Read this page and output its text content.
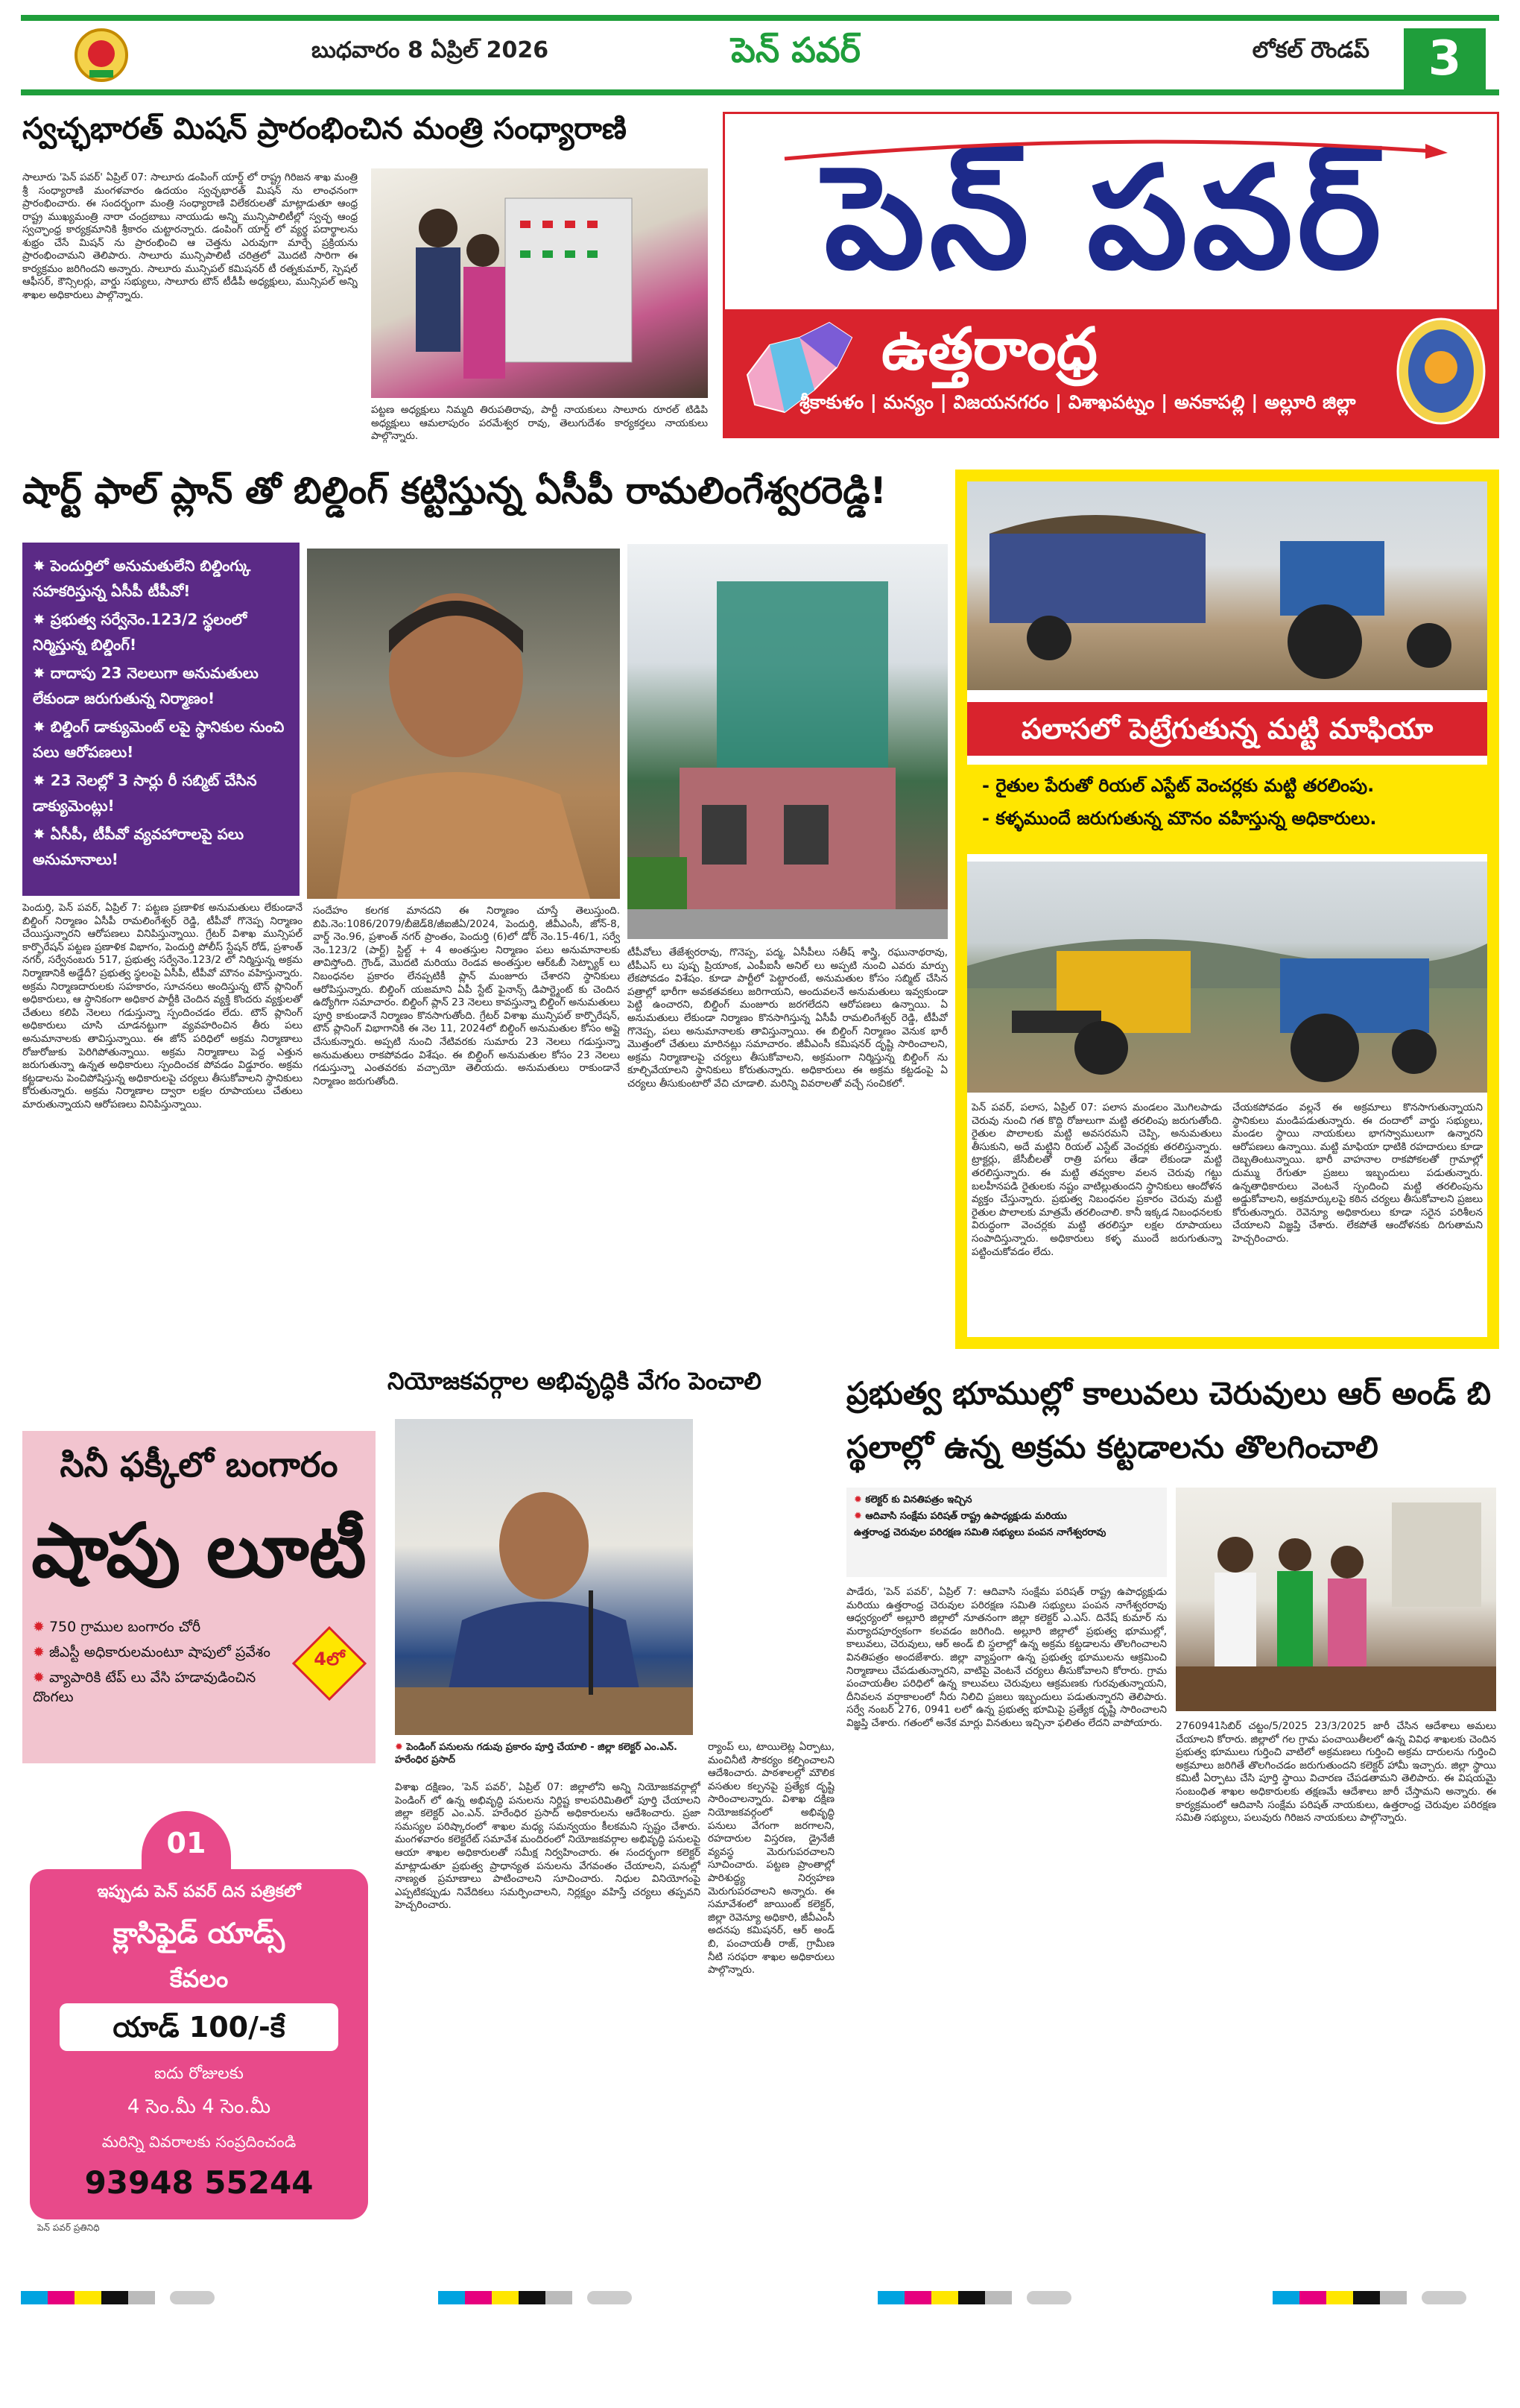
బుధవారం 8 ఏప్రిల్ 2026	పెన్ పవర్	లోకల్ రౌండప్	3
స్వచ్ఛభారత్ మిషన్ ప్రారంభించిన మంత్రి సంధ్యారాణి
సాలూరు 'పెన్ పవర్' ఏప్రిల్ 07: సాలూరు డంపింగ్ యార్డ్ లో రాష్ట్ర గిరిజన శాఖ మంత్రి శ్రీ సంధ్యారాణి మంగళవారం ఉదయం స్వచ్ఛభారత్ మిషన్ ను లాంఛనంగా ప్రారంభించారు. ఈ సందర్భంగా మంత్రి సంధ్యారాణి విలేకరులతో మాట్లాడుతూ ఆంధ్ర రాష్ట్ర ముఖ్యమంత్రి నారా చంద్రబాబు నాయుడు అన్ని మున్సిపాలిటీల్లో స్వచ్ఛ ఆంధ్ర స్వచ్ఛాంధ్ర కార్యక్రమానికి శ్రీకారం చుట్టారన్నారు. డంపింగ్ యార్డ్ లో వ్యర్థ పదార్థాలను శుభ్రం చేసే మిషన్ ను ప్రారంభించి ఆ చెత్తను ఎరువుగా మార్చే ప్రక్రియను ప్రారంభించామని తెలిపారు. సాలూరు మున్సిపాలిటీ చరిత్రలో మొదటి సారిగా ఈ కార్యక్రమం జరిగిందని అన్నారు. సాలూరు మున్సిపల్ కమిషనర్ టీ రత్నకుమార్, స్పెషల్ ఆఫీసర్, కౌన్సిలర్లు, వార్డు సభ్యులు, సాలూరు టౌన్ టీడీపీ అధ్యక్షులు, మున్సిపల్ అన్ని శాఖల అధికారులు పాల్గొన్నారు.
పట్టణ అధ్యక్షులు నిమ్మది తిరుపతిరావు, పార్టీ నాయకులు సాలూరు రూరల్ టిడిపి అధ్యక్షులు ఆమలాపురం పరమేశ్వర రావు, తెలుగుదేశం కార్యకర్తలు నాయకులు పాల్గొన్నారు.
పెన్ పవర్
ఉత్తరాంధ్ర
శ్రీకాకుళం | మన్యం | విజయనగరం | విశాఖపట్నం | అనకాపల్లి | అల్లూరి జిల్లా
షార్ట్ ఫాల్ ప్లాన్ తో బిల్డింగ్ కట్టిస్తున్న ఏసీపీ రామలింగేశ్వరరెడ్డి!
✸ పెందుర్తిలో అనుమతులేని బిల్డింగ్కు సహకరిస్తున్న ఏసీపీ టీపీవో!
✸ ప్రభుత్వ సర్వేనెం.123/2 స్థలంలో నిర్మిస్తున్న బిల్డింగ్!
✸ దాదాపు 23 నెలలుగా అనుమతులు లేకుండా జరుగుతున్న నిర్మాణం!
✸ బిల్డింగ్ డాక్యుమెంట్ లపై స్థానికుల నుంచి పలు ఆరోపణలు!
✸ 23 నెలల్లో 3 సార్లు రీ సబ్మిట్ చేసిన డాక్యుమెంట్లు!
✸ ఏసీపీ, టీపీవో వ్యవహారాలపై పలు అనుమానాలు!
పెందుర్తి, పెన్ పవర్, ఏప్రిల్ 7: పట్టణ ప్రణాళిక అనుమతులు లేకుండానే బిల్డింగ్ నిర్మాణం ఏసీపీ రామలింగేశ్వర్ రెడ్డి, టీపీవో గొనెప్ప నిర్మాణం చేయిస్తున్నారని ఆరోపణలు వినిపిస్తున్నాయి. గ్రేటర్ విశాఖ మున్సిపల్ కార్పొరేషన్ పట్టణ ప్రణాళిక విభాగం, పెందుర్తి పోలీస్ స్టేషన్ రోడ్, ప్రశాంత్ నగర్, సర్వేనంబరు 517, ప్రభుత్వ సర్వేనెం.123/2 లో నిర్మిస్తున్న అక్రమ నిర్మాణానికి అడ్డేదీ? ప్రభుత్వ స్థలంపై ఏసీపీ, టీపీవో మౌనం వహిస్తున్నారు. అక్రమ నిర్మాణదారులకు సహకారం, సూచనలు అందిస్తున్న టౌన్ ప్లానింగ్ అధికారులు, ఆ స్థానికంగా అధికార పార్టీకి చెందిన వ్యక్తి కొందరు వ్యక్తులతో చేతులు కలిపి నెలలు గడుస్తున్నా స్పందించడం లేదు. టౌన్ ప్లానింగ్ అధికారులు చూసి చూడనట్టుగా వ్యవహరించిన తీరు పలు అనుమానాలకు తావిస్తున్నాయి. ఈ జోన్ పరిధిలో అక్రమ నిర్మాణాలు రోజురోజుకు పెరిగిపోతున్నాయి. అక్రమ నిర్మాణాలు పెద్ద ఎత్తున జరుగుతున్నా ఉన్నత అధికారులు స్పందించక పోవడం విడ్డూరం. అక్రమ కట్టడాలను పెంచిపోషిస్తున్న అధికారులపై చర్యలు తీసుకోవాలని స్థానికులు కోరుతున్నారు. అక్రమ నిర్మాణాల ద్వారా లక్షల రూపాయలు చేతులు మారుతున్నాయని ఆరోపణలు వినిపిస్తున్నాయి.
సందేహం కలగక మానదని ఈ నిర్మాణం చూస్తే తెలుస్తుంది. బిపి.నెం:1086/2079/బీజెడ్8/జీఐజీఏ/2024, పెందుర్తి, జీవీఎంసీ, జోన్-8, వార్డ్ నెం.96, ప్రశాంత్ నగర్ ప్రాంతం, పెందుర్తి (6)లో డోర్ నెం.15-46/1, సర్వే నెం.123/2 (పార్ట్) స్టిల్ట్ + 4 అంతస్తుల నిర్మాణం పలు అనుమానాలకు తావిస్తోంది. గ్రౌండ్, మొదటి మరియు రెండవ అంతస్తుల ఆర్ఓబీ సెట్బ్యాక్ లు నిబంధనల ప్రకారం లేనప్పటికీ ప్లాన్ మంజూరు చేశారని స్థానికులు ఆరోపిస్తున్నారు. బిల్డింగ్ యజమాని ఏపీ స్టేట్ ఫైనాన్స్ డిపార్ట్మెంట్ కు చెందిన ఉద్యోగిగా సమాచారం. బిల్డింగ్ ప్లాన్ 23 నెలలు కావస్తున్నా బిల్డింగ్ అనుమతులు పూర్తి కాకుండానే నిర్మాణం కొనసాగుతోంది. గ్రేటర్ విశాఖ మున్సిపల్ కార్పొరేషన్, టౌన్ ప్లానింగ్ విభాగానికి ఈ నెల 11, 2024లో బిల్డింగ్ అనుమతుల కోసం అప్లై చేసుకున్నారు. అప్పటి నుంచి నేటివరకు సుమారు 23 నెలలు గడుస్తున్నా అనుమతులు రాకపోవడం విశేషం. ఈ బిల్డింగ్ అనుమతుల కోసం 23 నెలలు గడుస్తున్నా ఎంతవరకు వచ్చాయో తెలియదు. అనుమతులు రాకుండానే నిర్మాణం జరుగుతోంది.
టీపీవోలు తేజేశ్వరరావు, గొనెప్ప, పద్మ, ఏసీపీలు సతీష్ శాస్త్రి, రఘునాథరావు, టీపీఎస్ లు పుష్ప ప్రియాంక, ఎంపీఐసీ అనిల్ లు అప్పటి నుంచి ఎవరు మార్పు లేకపోవడం విశేషం. కూడా పార్టీలో పెట్టారంటే, అనుమతుల కోసం సబ్మిట్ చేసిన పత్రాల్లో భారీగా అవకతవకలు జరిగాయని, అందువలనే అనుమతులు ఇవ్వకుండా పెట్టి ఉంచారని, బిల్డింగ్ మంజూరు జరగలేదని ఆరోపణలు ఉన్నాయి. ఏ అనుమతులు లేకుండా నిర్మాణం కొనసాగిస్తున్న ఏసీపీ రామలింగేశ్వర్ రెడ్డి, టీపీవో గొనెప్ప, పలు అనుమానాలకు తావిస్తున్నాయి. ఈ బిల్డింగ్ నిర్మాణం వెనుక భారీ మొత్తంలో చేతులు మారినట్లు సమాచారం. జీవీఎంసీ కమిషనర్ దృష్టి సారించాలని, అక్రమ నిర్మాణాలపై చర్యలు తీసుకోవాలని, అక్రమంగా నిర్మిస్తున్న బిల్డింగ్ ను కూల్చివేయాలని స్థానికులు కోరుతున్నారు. అధికారులు ఈ అక్రమ కట్టడంపై ఏ చర్యలు తీసుకుంటారో వేచి చూడాలి. మరిన్ని వివరాలతో వచ్చే సంచికలో.
పలాసలో పెట్రేగుతున్న మట్టి మాఫియా
- రైతుల పేరుతో రియల్ ఎస్టేట్ వెంచర్లకు మట్టి తరలింపు.
- కళ్ళముందే జరుగుతున్న మౌనం వహిస్తున్న అధికారులు.
పెన్ పవర్, పలాస, ఏప్రిల్ 07: పలాస మండలం మొగిలపాడు చెరువు నుంచి గత కొద్ది రోజులుగా మట్టి తరలింపు జరుగుతోంది. రైతుల పొలాలకు మట్టి అవసరమని చెప్పి, అనుమతులు తీసుకుని, అదే మట్టిని రియల్ ఎస్టేట్ వెంచర్లకు తరలిస్తున్నారు. ట్రాక్టర్లు, జేసీబీలతో రాత్రి పగలు తేడా లేకుండా మట్టి తరలిస్తున్నారు. ఈ మట్టి తవ్వకాల వలన చెరువు గట్టు బలహీనపడి రైతులకు నష్టం వాటిల్లుతుందని స్థానికులు ఆందోళన వ్యక్తం చేస్తున్నారు. ప్రభుత్వ నిబంధనల ప్రకారం చెరువు మట్టి రైతుల పొలాలకు మాత్రమే తరలించాలి. కానీ ఇక్కడ నిబంధనలకు విరుద్ధంగా వెంచర్లకు మట్టి తరలిస్తూ లక్షల రూపాయలు సంపాదిస్తున్నారు. అధికారులు కళ్ళ ముందే జరుగుతున్నా పట్టించుకోవడం లేదు.
చేయకపోవడం వల్లనే ఈ అక్రమాలు కొనసాగుతున్నాయని స్థానికులు మండిపడుతున్నారు. ఈ దందాలో వార్డు సభ్యులు, మండల స్థాయి నాయకులు భాగస్వాములుగా ఉన్నారని ఆరోపణలు ఉన్నాయి. మట్టి మాఫియా ధాటికి రహదారులు కూడా దెబ్బతింటున్నాయి. భారీ వాహనాల రాకపోకలతో గ్రామాల్లో దుమ్ము రేగుతూ ప్రజలు ఇబ్బందులు పడుతున్నారు. ఉన్నతాధికారులు వెంటనే స్పందించి మట్టి తరలింపును అడ్డుకోవాలని, అక్రమార్కులపై కఠిన చర్యలు తీసుకోవాలని ప్రజలు కోరుతున్నారు. రెవెన్యూ అధికారులు కూడా సరైన పరిశీలన చేయాలని విజ్ఞప్తి చేశారు. లేకపోతే ఆందోళనకు దిగుతామని హెచ్చరించారు.
సినీ ఫక్కీలో బంగారం
షాపు లూటీ
✹ 750 గ్రాముల బంగారం చోరీ
✹ జీఎస్టీ అధికారులమంటూ షాపులో ప్రవేశం
✹ వ్యాపారికి టేప్ లు వేసి హడావుడించిన దొంగలు
4లో
01
ఇప్పుడు పెన్ పవర్ దిన పత్రికలో
క్లాసిఫైడ్ యాడ్స్
కేవలం
యాడ్ 100/-కే
ఐదు రోజులకు
4 సెం.మీ 4 సెం.మీ
మరిన్ని వివరాలకు సంప్రదించండి
93948 55244
పెన్ పవర్ ప్రతినిధి
నియోజకవర్గాల అభివృద్ధికి వేగం పెంచాలి
✹ పెండింగ్ పనులను గడువు ప్రకారం పూర్తి చేయాలి - జిల్లా కలెక్టర్ ఎం.ఎన్. హరేంధిర ప్రసాద్
విశాఖ దక్షిణం, 'పెన్ పవర్', ఏప్రిల్ 07: జిల్లాలోని అన్ని నియోజకవర్గాల్లో పెండింగ్ లో ఉన్న అభివృద్ధి పనులను నిర్దిష్ట కాలపరిమితిలో పూర్తి చేయాలని జిల్లా కలెక్టర్ ఎం.ఎన్. హరేంధిర ప్రసాద్ అధికారులను ఆదేశించారు. ప్రజా సమస్యల పరిష్కారంలో శాఖల మధ్య సమన్వయం కీలకమని స్పష్టం చేశారు. మంగళవారం కలెక్టరేట్ సమావేశ మందిరంలో నియోజకవర్గాల అభివృద్ధి పనులపై ఆయా శాఖల అధికారులతో సమీక్ష నిర్వహించారు. ఈ సందర్భంగా కలెక్టర్ మాట్లాడుతూ ప్రభుత్వ ప్రాధాన్యత పనులను వేగవంతం చేయాలని, పనుల్లో నాణ్యత ప్రమాణాలు పాటించాలని సూచించారు. నిధుల వినియోగంపై ఎప్పటికప్పుడు నివేదికలు సమర్పించాలని, నిర్లక్ష్యం వహిస్తే చర్యలు తప్పవని హెచ్చరించారు.
ర్యాంప్ లు, టాయిలెట్ల ఏర్పాటు, మంచినీటి సౌకర్యం కల్పించాలని ఆదేశించారు. పాఠశాలల్లో మౌలిక వసతుల కల్పనపై ప్రత్యేక దృష్టి సారించాలన్నారు. విశాఖ దక్షిణ నియోజకవర్గంలో అభివృద్ధి పనులు వేగంగా జరగాలని, రహదారుల విస్తరణ, డ్రైనేజీ వ్యవస్థ మెరుగుపరచాలని సూచించారు. పట్టణ ప్రాంతాల్లో పారిశుద్ధ్య నిర్వహణ మెరుగుపరచాలని అన్నారు. ఈ సమావేశంలో జాయింట్ కలెక్టర్, జిల్లా రెవెన్యూ అధికారి, జీవీఎంసీ అదనపు కమిషనర్, ఆర్ అండ్ బి, పంచాయతీ రాజ్, గ్రామీణ నీటి సరఫరా శాఖల అధికారులు పాల్గొన్నారు.
ప్రభుత్వ భూముల్లో కాలువలు చెరువులు ఆర్ అండ్ బి స్థలాల్లో ఉన్న అక్రమ కట్టడాలను తొలగించాలి
✹ కలెక్టర్ కు వినతిపత్రం ఇచ్చిన
✹ ఆదివాసి సంక్షేమ పరిషత్ రాష్ట్ర ఉపాధ్యక్షుడు మరియు
ఉత్తరాంధ్ర చెరువుల పరిరక్షణ సమితి సభ్యులు పంపన నాగేశ్వరరావు
పాడేరు, 'పెన్ పవర్', ఏప్రిల్ 7: ఆదివాసి సంక్షేమ పరిషత్ రాష్ట్ర ఉపాధ్యక్షుడు మరియు ఉత్తరాంధ్ర చెరువుల పరిరక్షణ సమితి సభ్యులు పంపన నాగేశ్వరరావు ఆధ్వర్యంలో అల్లూరి జిల్లాలో నూతనంగా జిల్లా కలెక్టర్ ఎ.ఎస్. దినేష్ కుమార్ ను మర్యాదపూర్వకంగా కలవడం జరిగింది. అల్లూరి జిల్లాలో ప్రభుత్వ భూముల్లో, కాలువలు, చెరువులు, ఆర్ అండ్ బి స్థలాల్లో ఉన్న అక్రమ కట్టడాలను తొలగించాలని వినతిపత్రం అందజేశారు. జిల్లా వ్యాప్తంగా ఉన్న ప్రభుత్వ భూములను ఆక్రమించి నిర్మాణాలు చేపడుతున్నారని, వాటిపై వెంటనే చర్యలు తీసుకోవాలని కోరారు. గ్రామ పంచాయతీల పరిధిలో ఉన్న కాలువలు చెరువులు ఆక్రమణకు గురవుతున్నాయని, దీనివలన వర్షాకాలంలో నీరు నిలిచి ప్రజలు ఇబ్బందులు పడుతున్నారని తెలిపారు. సర్వే నంబర్ 276, 0941 లలో ఉన్న ప్రభుత్వ భూమిపై ప్రత్యేక దృష్టి సారించాలని విజ్ఞప్తి చేశారు. గతంలో అనేక మార్లు వినతులు ఇచ్చినా ఫలితం లేదని వాపోయారు.	2760941సిబిర్ చట్టం/5/2025 23/3/2025 జారీ చేసిన ఆదేశాలు అమలు చేయాలని కోరారు. జిల్లాలో గల గ్రామ పంచాయితీలలో ఉన్న వివిధ శాఖలకు చెందిన ప్రభుత్వ భూములు గుర్తించి వాటిలో అక్రమణలు గుర్తించి అక్రమ దారులను గుర్తించి అక్రమాలు జరిగితే తొలగించడం జరుగుతుందని కలెక్టర్ హామీ ఇచ్చారు. జిల్లా స్థాయి కమిటీ ఏర్పాటు చేసి పూర్తి స్థాయి విచారణ చేపడతామని తెలిపారు. ఈ విషయమై సంబంధిత శాఖల అధికారులకు తక్షణమే ఆదేశాలు జారీ చేస్తామని అన్నారు. ఈ కార్యక్రమంలో ఆదివాసి సంక్షేమ పరిషత్ నాయకులు, ఉత్తరాంధ్ర చెరువుల పరిరక్షణ సమితి సభ్యులు, పలువురు గిరిజన నాయకులు పాల్గొన్నారు.
